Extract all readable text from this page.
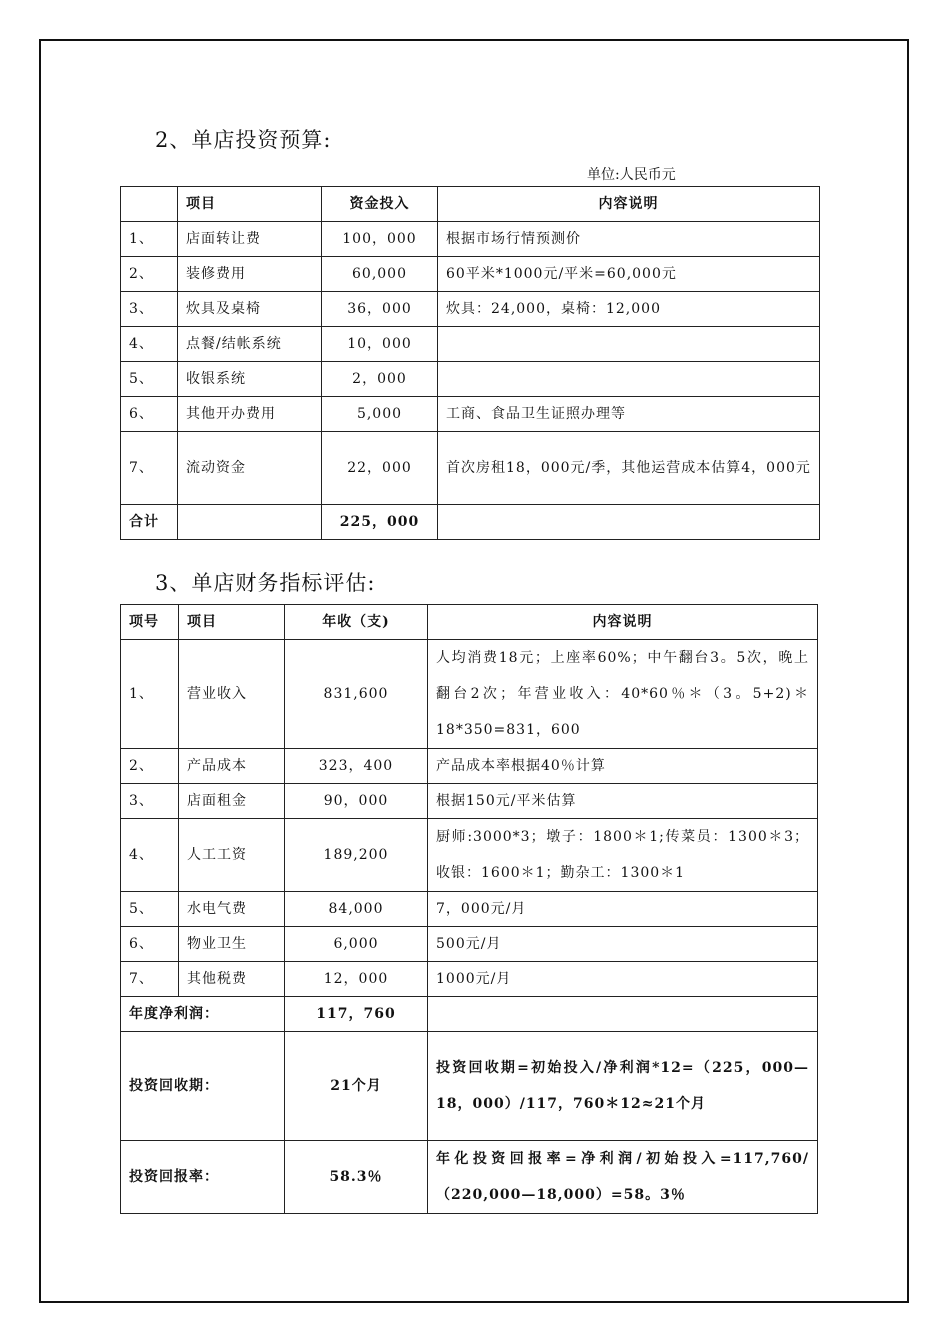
2、单店投资预算:
单位:人民币元
	项目	资金投入	内容说明
1、	店面转让费	100，000	根据市场行情预测价
2、	装修费用	60,000	60平米*1000元/平米=60,000元
3、	炊具及桌椅	36，000	炊具：24,000，桌椅：12,000
4、	点餐/结帐系统	10，000	
5、	收银系统	2，000	
6、	其他开办费用	5,000	工商、食品卫生证照办理等
7、	流动资金	22，000	首次房租18，000元/季，其他运营成本估算4，000元
合计		225，000	
3、单店财务指标评估:
项号	项目	年收（支)	内容说明
1、	营业收入	831,600	人均消费18元；上座率60%；中午翻台3。5次，晚上翻台2次；年营业收入：40*60％＊（3。5+2)＊18*350=831，600
2、	产品成本	323，400	产品成本率根据40％计算
3、	店面租金	90，000	根据150元/平米估算
4、	人工工资	189,200	厨师:3000*3；墩子：1800＊1;传菜员：1300＊3；收银：1600＊1；勤杂工：1300＊1
5、	水电气费	84,000	7，000元/月
6、	物业卫生	6,000	500元/月
7、	其他税费	12，000	1000元/月
年度净利润：		117，760	
投资回收期：		21个月	投资回收期=初始投入/净利润*12=（225，000—18，000）/117，760＊12≈21个月
投资回报率：		58.3％	年化投资回报率=净利润/初始投入=117,760/（220,000—18,000）=58。3％
